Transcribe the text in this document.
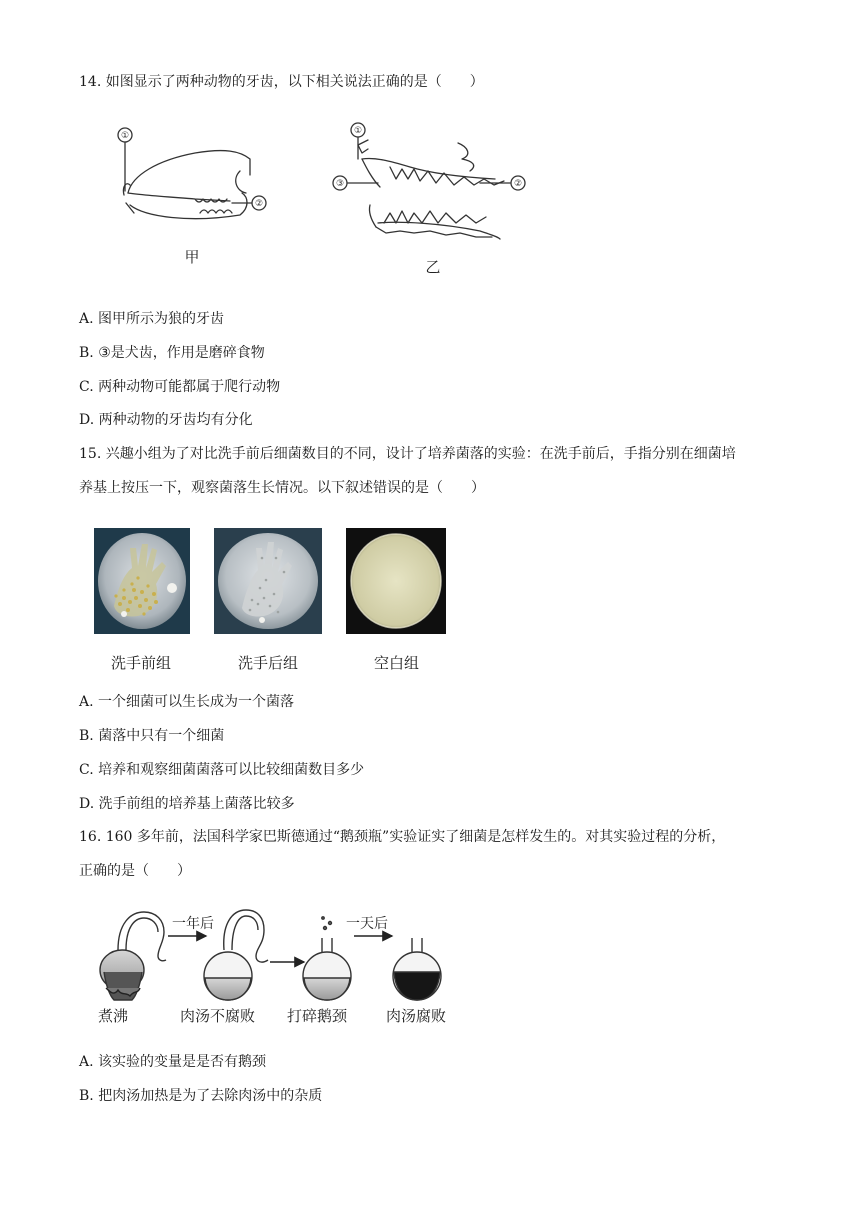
14. 如图显示了两种动物的牙齿，以下相关说法正确的是（　　）
①
②
①
③	②
甲
乙
A. 图甲所示为狼的牙齿
B. ③是犬齿，作用是磨碎食物
C. 两种动物可能都属于爬行动物
D. 两种动物的牙齿均有分化
15. 兴趣小组为了对比洗手前后细菌数目的不同，设计了培养菌落的实验：在洗手前后，手指分别在细菌培
养基上按压一下，观察菌落生长情况。以下叙述错误的是（　　）
洗手前组	洗手后组	空白组
A. 一个细菌可以生长成为一个菌落
B. 菌落中只有一个细菌
C. 培养和观察细菌菌落可以比较细菌数目多少
D. 洗手前组的培养基上菌落比较多
16. 160 多年前，法国科学家巴斯德通过“鹅颈瓶”实验证实了细菌是怎样发生的。对其实验过程的分析，
正确的是（　　）
一年后	一天后
煮沸	肉汤不腐败 打碎鹅颈	肉汤腐败
A. 该实验的变量是是否有鹅颈
B. 把肉汤加热是为了去除肉汤中的杂质
